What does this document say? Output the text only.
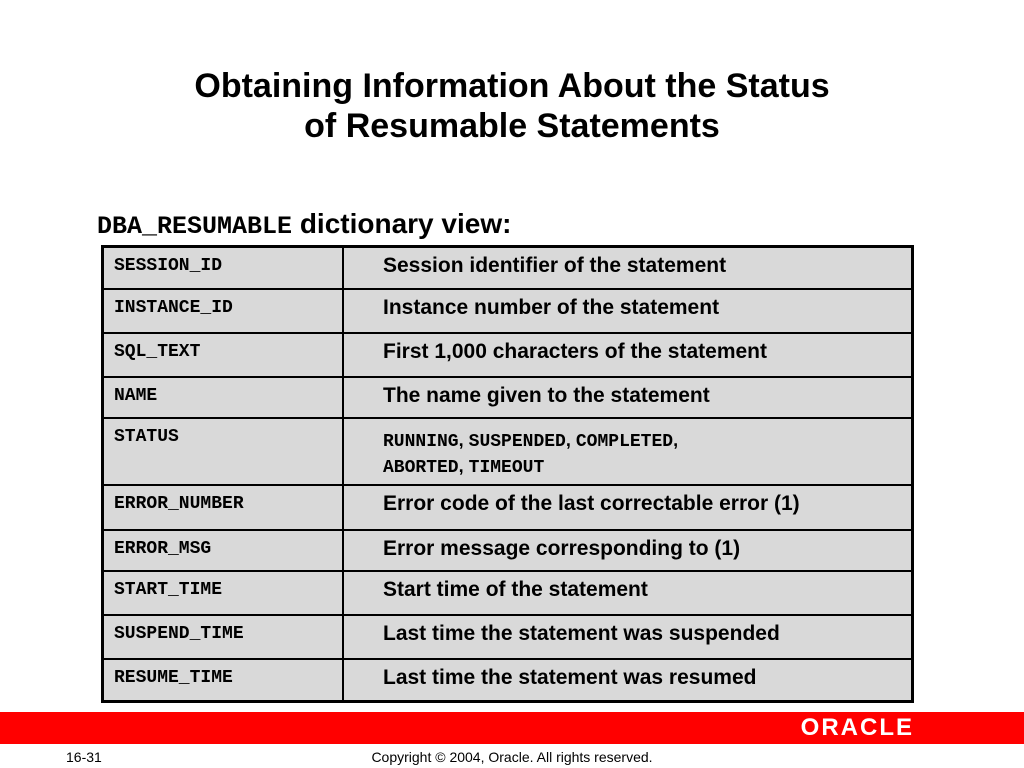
Obtaining Information About the Status
of Resumable Statements
DBA_RESUMABLE dictionary view:
SESSION_ID	Session identifier of the statement
INSTANCE_ID	Instance number of the statement
SQL_TEXT	First 1,000 characters of the statement
NAME	The name given to the statement
STATUS	RUNNING, SUSPENDED, COMPLETED,
ABORTED, TIMEOUT

ERROR_NUMBER	Error code of the last correctable error (1)
ERROR_MSG	Error message corresponding to (1)
START_TIME	Start time of the statement
SUSPEND_TIME	Last time the statement was suspended
RESUME_TIME	Last time the statement was resumed
ORACLE
16-31	Copyright © 2004, Oracle. All rights reserved.
